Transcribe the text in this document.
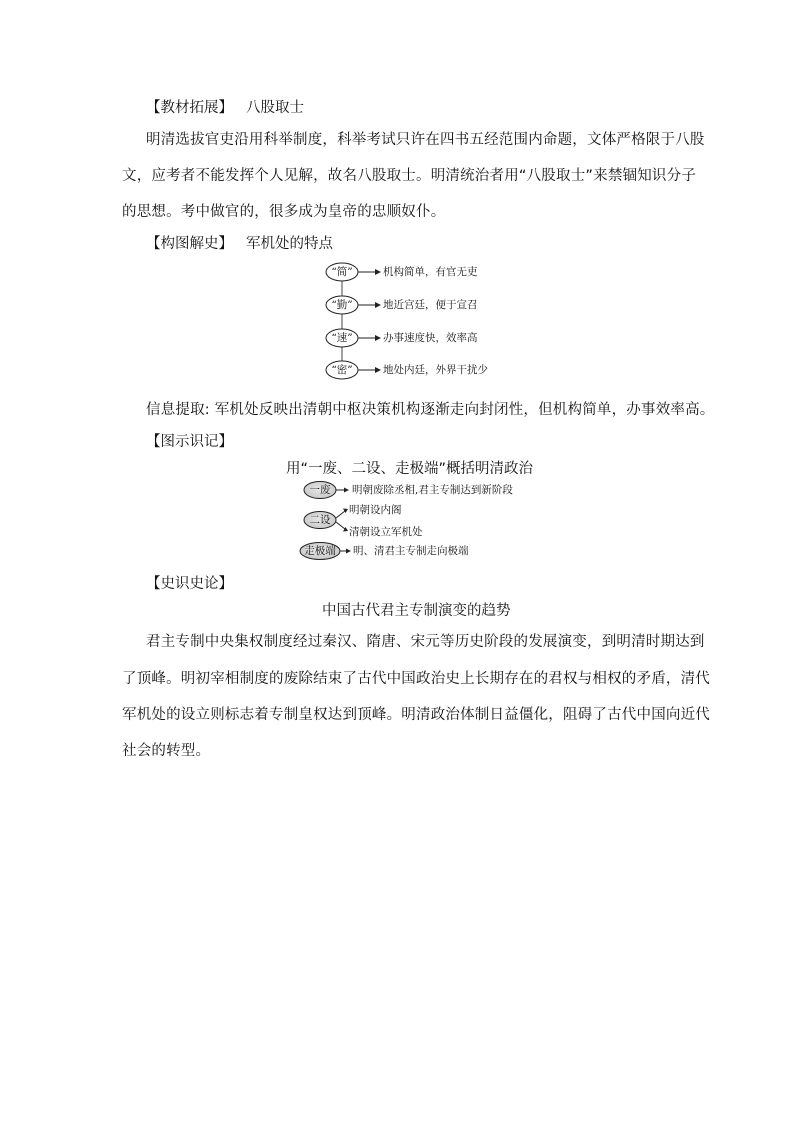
【教材拓展】 八股取士
明清选拔官吏沿用科举制度，科举考试只许在四书五经范围内命题，文体严格限于八股
文，应考者不能发挥个人见解，故名八股取士。明清统治者用“八股取士”来禁锢知识分子
的思想。考中做官的，很多成为皇帝的忠顺奴仆。
【构图解史】 军机处的特点
“简”	机构简单，有官无吏
“勤”	地近宫廷，便于宣召
“速”	办事速度快，效率高
“密”	地处内廷，外界干扰少
信息提取: 军机处反映出清朝中枢决策机构逐渐走向封闭性，但机构简单，办事效率高。
【图示识记】
用“一废、二设、走极端”概括明清政治
一废 明朝废除丞相,君主专制达到新阶段
二设
明朝设内阁
清朝设立军机处
走极端 明、清君主专制走向极端
【史识史论】
中国古代君主专制演变的趋势
君主专制中央集权制度经过秦汉、隋唐、宋元等历史阶段的发展演变，到明清时期达到
了顶峰。明初宰相制度的废除结束了古代中国政治史上长期存在的君权与相权的矛盾，清代
军机处的设立则标志着专制皇权达到顶峰。明清政治体制日益僵化，阻碍了古代中国向近代
社会的转型。
